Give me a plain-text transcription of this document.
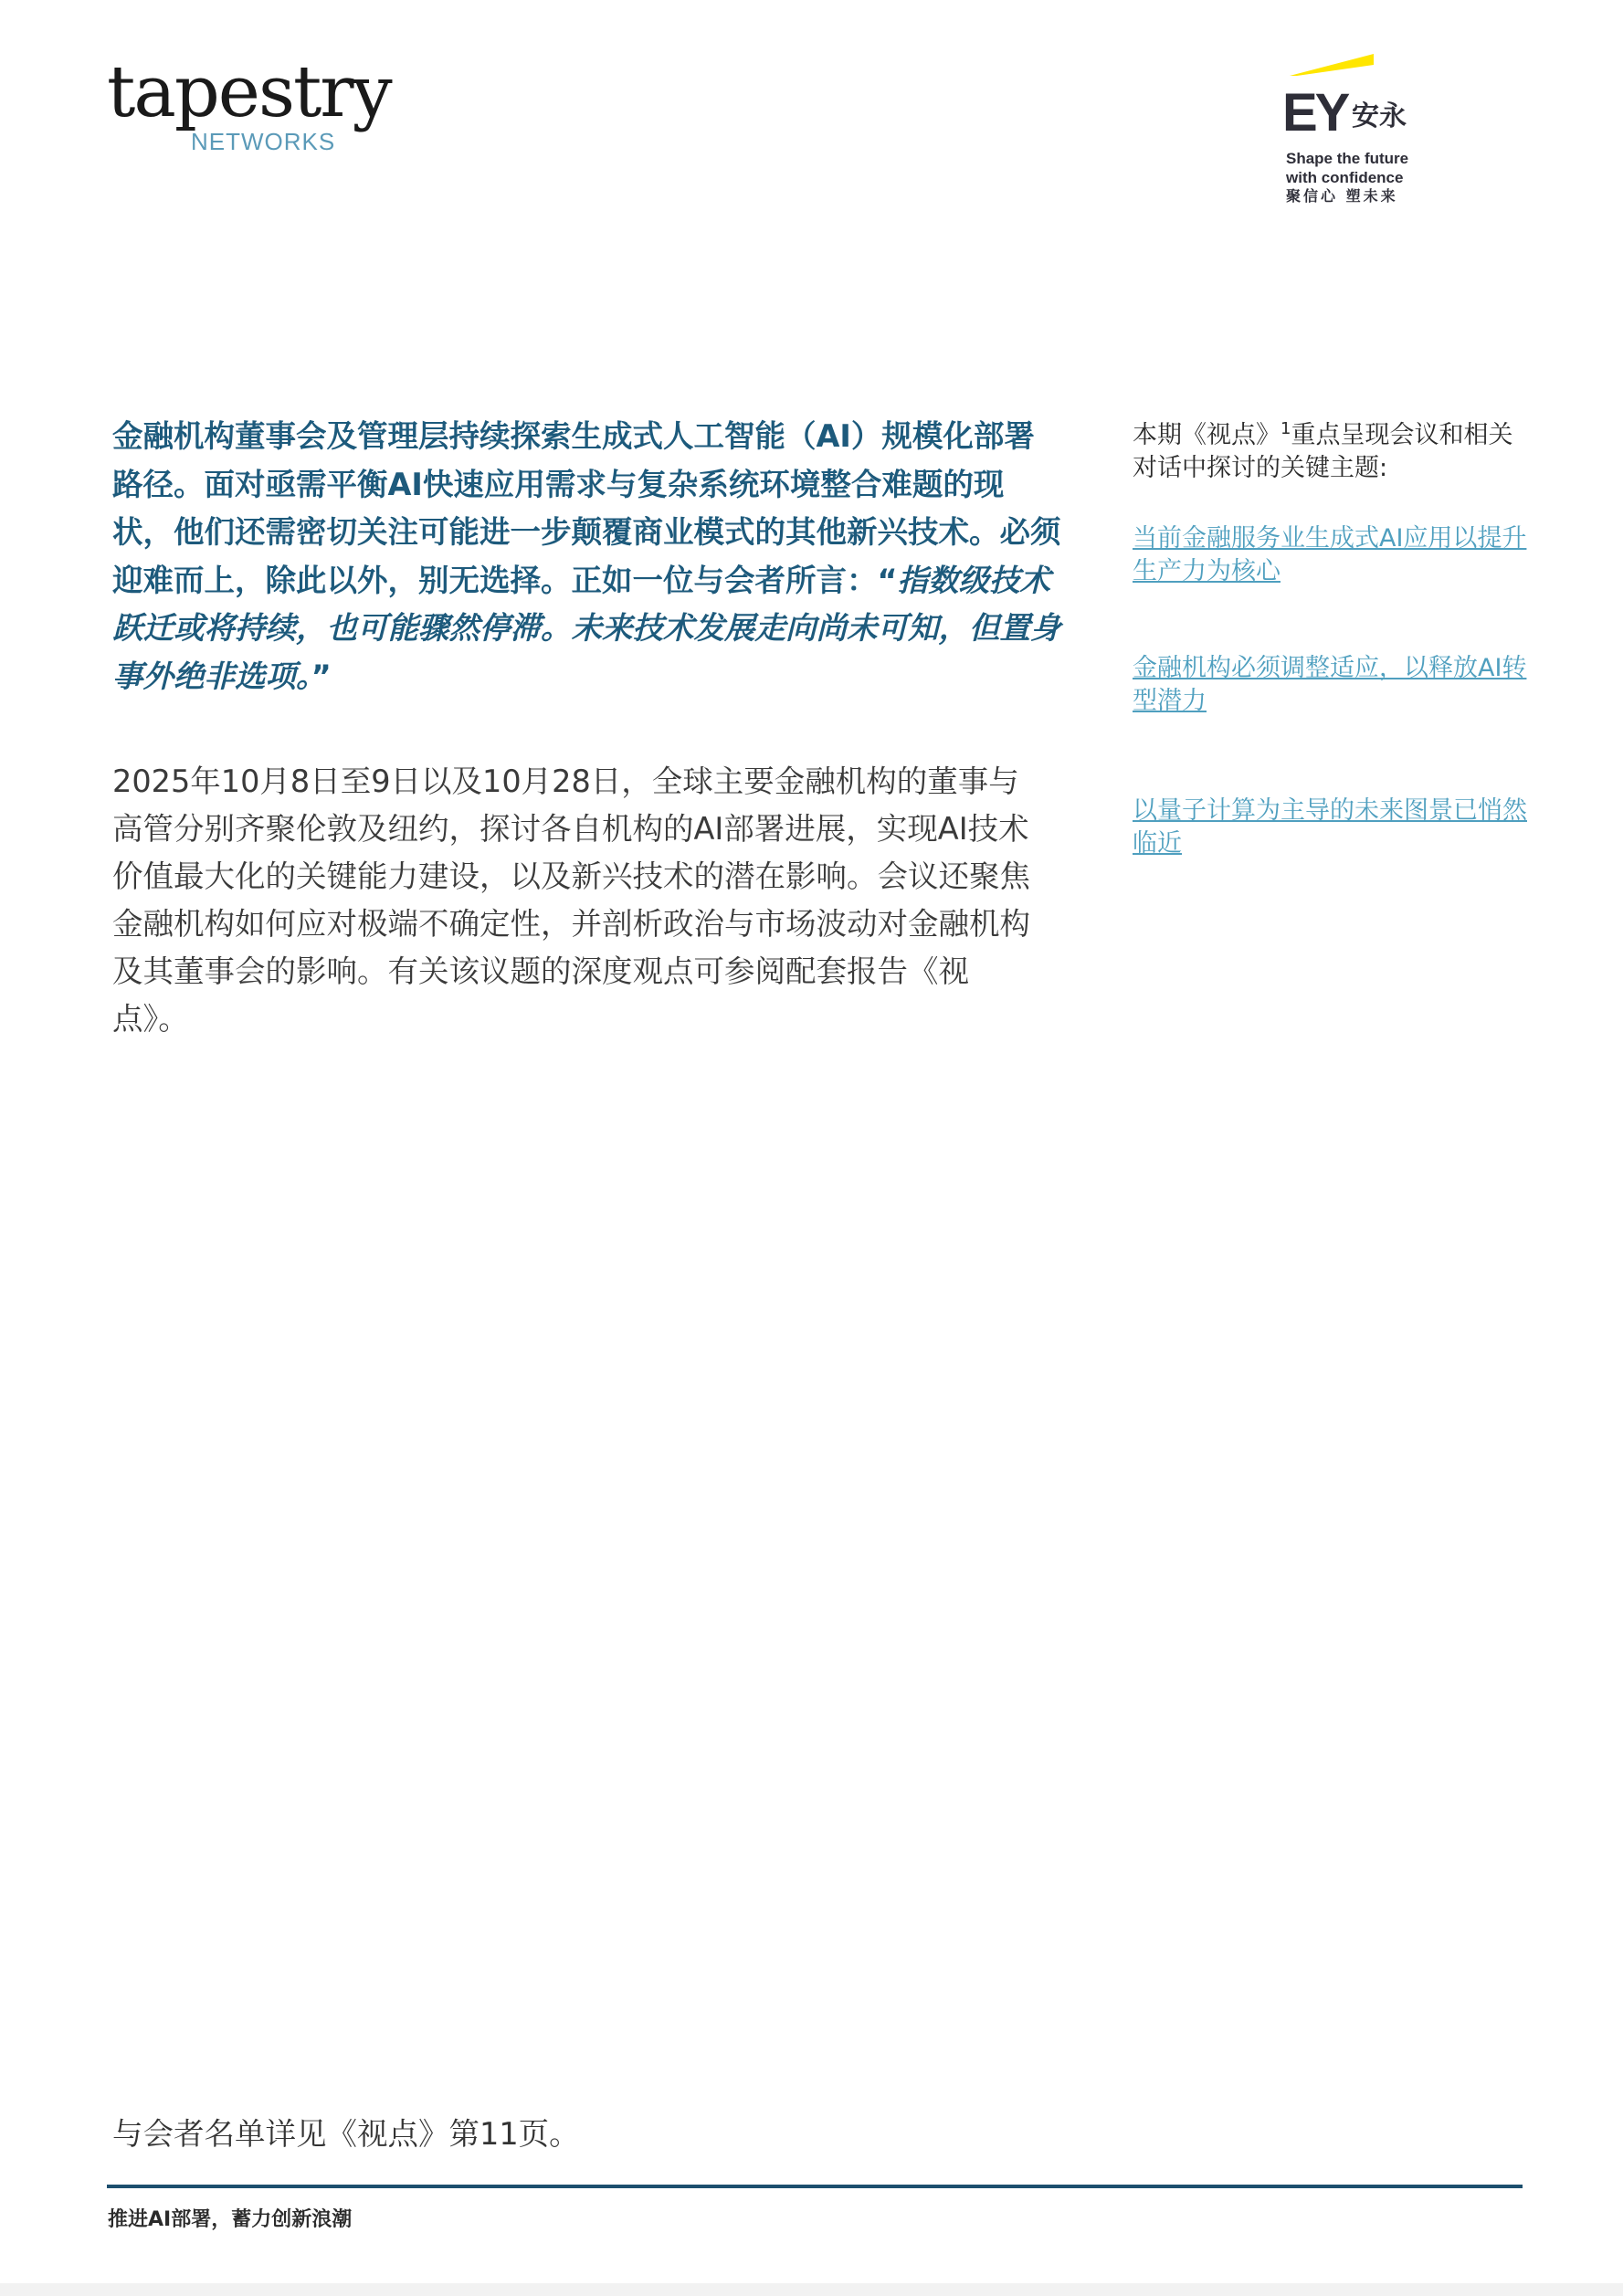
tapestry
NETWORKS	EY 安永
Shape the future
with confidence
聚信心 塑未来

金融机构董事会及管理层持续探索生成式人工智能（AI）规模化部署路径。面对亟需平衡AI快速应用需求与复杂系统环境整合难题的现状，他们还需密切关注可能进一步颠覆商业模式的其他新兴技术。必须迎难而上，除此以外，别无选择。正如一位与会者所言：“指数级技术跃迁或将持续，也可能骤然停滞。未来技术发展走向尚未可知，但置身事外绝非选项。”

2025年10月8日至9日以及10月28日，全球主要金融机构的董事与高管分别齐聚伦敦及纽约，探讨各自机构的AI部署进展，实现AI技术价值最大化的关键能力建设，以及新兴技术的潜在影响。会议还聚焦金融机构如何应对极端不确定性，并剖析政治与市场波动对金融机构及其董事会的影响。有关该议题的深度观点可参阅配套报告《视点》。

本期《视点》$^1$重点呈现会议和相关对话中探讨的关键主题:

当前金融服务业生成式AI应用以提升生产力为核心

金融机构必须调整适应，以释放AI转型潜力

以量子计算为主导的未来图景已悄然临近

与会者名单详见《视点》第11页。

推进AI部署，蓄力创新浪潮
